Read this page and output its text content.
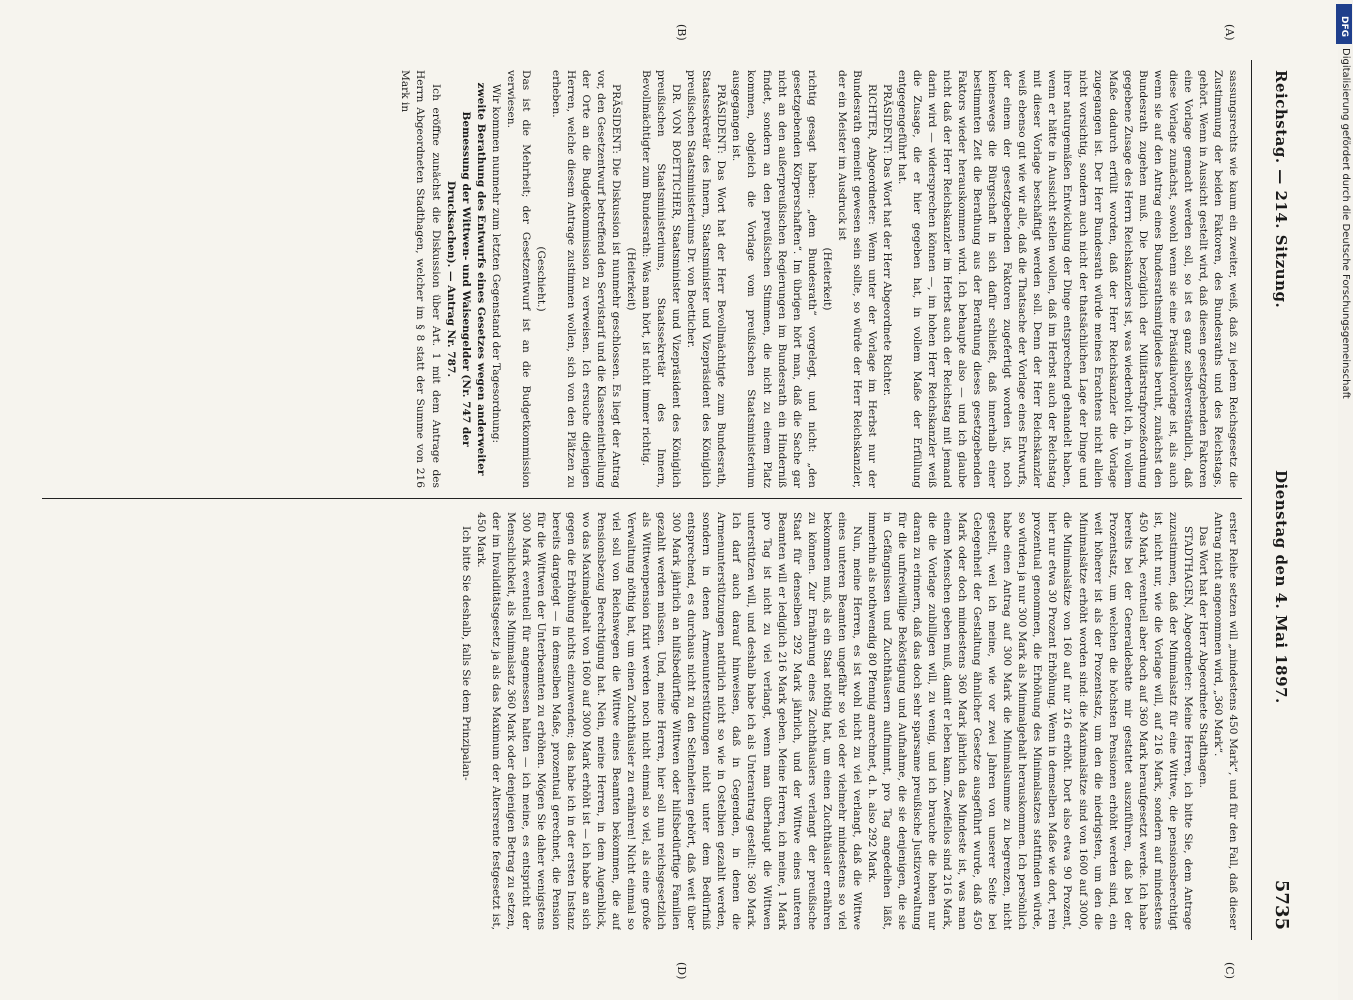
Reichstag. — 214. Sitzung.
Dienstag den 4. Mai 1897.
5735
(A)
(B)
(C)
(D)

sassungsrechts wie kaum ein zweiter, weiß, daß zu jedem Reichsgesetz die Zustimmung der beiden Faktoren, des Bundesraths und des Reichstags, gehört. Wenn in Aussicht gestellt wird, daß diesen gesetzgebenden Faktoren eine Vorlage gemacht werden soll, so ist es ganz selbstverständlich, daß diese Vorlage zunächst, sowohl wenn sie eine Präsidialvorlage ist, als auch wenn sie auf den Antrag eines Bundesrathsmitgliedes beruht, zunächst den Bundesrath zugehen muß. Die bezüglich der Militärstrafprozeßordnung gegebene Zusage des Herrn Reichskanzlers ist, was wiederholt ich, in vollem Maße dadurch erfüllt worden, daß der Herr Reichskanzler die Vorlage zugegangen ist. Der Herr Bundesrath würde meines Erachtens nicht allein nicht vorsichtig, sondern auch nicht der thatsächlichen Lage der Dinge und ihrer naturgemäßen Entwicklung der Dinge entsprechend gehandelt haben, wenn er hätte in Aussicht stellen wollen, daß im Herbst auch der Reichstag mit dieser Vorlage beschäftigt werden soll. Denn der Herr Reichskanzler weiß ebenso gut wie wir alle, daß die Thatsache der Vorlage eines Entwurfs, der einem der gesetzgebenden Faktoren zugefertigt worden ist, noch keineswegs die Bürgschaft in sich dafür schließt, daß innerhalb einer bestimmten Zeit die Berathung aus der Berathung dieses gesetzgebenden Faktors wieder herauskommen wird. Ich behaupte also — und ich glaube nicht daß der Herr Reichskanzler im Herbst auch der Reichstag mit jemand darin wird — widersprechen können —, im hohen Herr Reichskanzler weiß die Zusage, die er hier gegeben hat, in vollem Maße der Erfüllung entgegengeführt hat.

PRÄSIDENT: Das Wort hat der Herr Abgeordnete Richter.

RICHTER, Abgeordneter: Wenn unter der Vorlage im Herbst nur der Bundesrath gemeint gewesen sein sollte, so würde der Herr Reichskanzler, der ein Meister im Ausdruck ist

(Heiterkeit)

richtig gesagt haben: „dem Bundesrath“ vorgelegt, und nicht: „den gesetzgebenden Körperschaften“. Im übrigen hört man, daß die Sache gar nicht an den außerpreußischen Regierungen im Bundesrath ein Hinderniß findet, sondern an den preußischen Stimmen, die nicht zu einem Platz kommen, obgleich die Vorlage vom preußischen Staatsministerium ausgegangen ist.

PRÄSIDENT: Das Wort hat der Herr Bevollmächtigte zum Bundesrath, Staatssekretär des Innern, Staatsminister und Vizepräsident des Königlich preußischen Staatsministeriums Dr. von Boetticher.

DR. VON BOETTICHER, Staatsminister und Vizepräsident des Königlich preußischen Staatsministeriums, Staatssekretär des Innern, Bevollmächtigter zum Bundesrath: Was man hört, ist nicht immer richtig.

(Heiterkeit)

PRÄSIDENT: Die Diskussion ist nunmehr geschlossen. Es liegt der Antrag vor, den Gesetzentwurf betreffend den Servistarif und die Klasseneintheilung der Orte an die Budgetkommission zu verweisen. Ich ersuche diejenigen Herren, welche diesem Antrage zustimmen wollen, sich von den Plätzen zu erheben.

(Geschieht.)

Das ist die Mehrheit; der Gesetzentwurf ist an die Budgetkommission verwiesen.

Wir kommen nunmehr zum letzten Gegenstand der Tagesordnung:

zweite Berathung des Entwurfs eines Gesetzes wegen anderweiter Bemessung der Wittwen- und Waisengelder (Nr. 747 der Drucksachen). — Antrag Nr. 787.

Ich eröffne zunächst die Diskussion über Art. 1 mit dem Antrage des Herrn Abgeordneten Stadthagen, welcher im § 8 statt der Summe von 216 Mark in

erster Reihe setzen will „mindestens 450 Mark“, und für den Fall, daß dieser Antrag nicht angenommen wird, „360 Mark“.

Das Wort hat der Herr Abgeordnete Stadthagen.

STADTHAGEN, Abgeordneter: Meine Herren, ich bitte Sie, dem Antrage zuzustimmen, daß der Minimalsatz für eine Wittwe, die pensionsberechtigt ist, nicht nur, wie die Vorlage will, auf 216 Mark, sondern auf mindestens 450 Mark, eventuell aber doch auf 360 Mark heraufgesetzt werde. Ich habe bereits bei der Generaldebatte mir gestattet auszuführen, daß bei der Prozentsatz, um welchen die höchsten Pensionen erhöht werden sind, ein weit höherer ist als der Prozentsatz, um den die niedrigsten, um den die Minimalsätze erhöht worden sind: die Maximalsätze sind von 1600 auf 3000, die Minimalsätze von 160 auf nur 216 erhöht. Dort also etwa 90 Prozent, hier nur etwa 30 Prozent Erhöhung. Wenn in demselben Maße wie dort, rein prozentual genommen, die Erhöhung des Minimalsatzes stattfinden würde, so würden ja nur 300 Mark als Minimalgehalt herauskommen. Ich persönlich habe einen Antrag auf 300 Mark die Minimalsumme zu begrenzen, nicht gestellt, weil ich meine, wie vor zwei Jahren von unserer Seite bei Gelegenheit der Gestaltung ähnlicher Gesetze ausgeführt wurde, daß 450 Mark oder doch mindestens 360 Mark jährlich das Mindeste ist, was man einem Menschen geben muß, damit er leben kann. Zweifellos sind 216 Mark, die die Vorlage zubilligen will, zu wenig, und ich brauche die hohen nur daran zu erinnern, daß das doch sehr sparsame preußische Justizverwaltung für die unfreiwillige Beköstigung und Aufnahme, die sie denjenigen, die sie in Gefängnissen und Zuchthäusern aufnimmt, pro Tag angedeihen läßt, immerhin als nothwendig 80 Pfennig anrechnet, d. h. also 292 Mark.

Nun, meine Herren, es ist wohl nicht zu viel verlangt, daß die Wittwe eines unteren Beamten ungefähr so viel oder vielmehr mindestens so viel bekommen muß, als ein Staat nöthig hat, um einen Zuchthäusler ernähren zu können. Zur Ernährung eines Zuchthäuslers verlangt der preußische Staat für denselben 292 Mark jährlich, und der Wittwe eines unteren Beamten will er lediglich 216 Mark geben. Meine Herren, ich meine, 1 Mark pro Tag ist nicht zu viel verlangt, wenn man überhaupt die Wittwen unterstützen will, und deshalb habe ich als Unterantrag gestellt: 360 Mark. Ich darf auch darauf hinweisen, daß in Gegenden, in denen die Armenunterstützungen natürlich nicht so wie in Ostelbien gezahlt werden, sondern in denen Armenunterstützungen nicht unter dem Bedürfniß entsprechend, es durchaus nicht zu den Seltenheiten gehört, daß weit über 300 Mark jährlich an hilfsbedürftige Wittwen oder hilfsbedürftige Familien gezahlt werden müssen. Und, meine Herren, hier soll nun reichsgesetzlich als Wittwenpension fixirt werden noch nicht einmal so viel, als eine große Verwaltung nöthig hat, um einen Zuchthäusler zu ernähren! Nicht einmal so viel soll von Reichswegen die Wittwe eines Beamten bekommen, die auf Pensionsbezug Berechtigung hat. Nein, meine Herren, in dem Augenblick, wo das Maximalgehalt von 1600 auf 3000 Mark erhöht ist — ich habe an sich gegen die Erhöhung nichts einzuwenden; das habe ich in der ersten Instanz bereits dargelegt — in demselben Maße, prozentual gerechnet, die Pension für die Wittwen der Unterbeamten zu erhöhen. Mögen Sie daher wenigstens 300 Mark eventuell für angemessen halten — ich meine, es entspricht der Menschlichkeit, als Minimalsatz 360 Mark oder denjenigen Betrag zu setzen, der im Invaliditätsgesetz ja als das Maximum der Altersrente festgesetzt ist, 450 Mark.

Ich bitte Sie deshalb, falls Sie dem Prinzipalan-

DFG
Digitalisierung gefördert durch die Deutsche Forschungsgemeinschaft
